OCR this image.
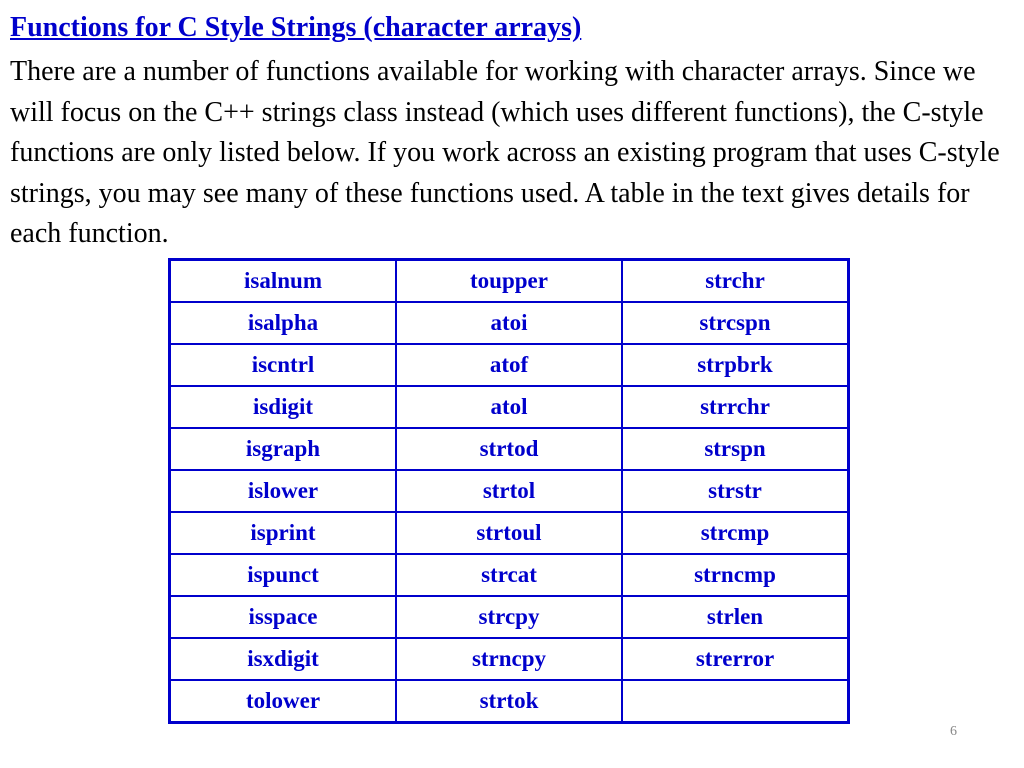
Functions for C Style Strings (character arrays)
There are a number of functions available for working with character arrays. Since we will focus on the C++ strings class instead (which uses different functions), the C-style functions are only listed below. If you work across an existing program that uses C-style strings, you may see many of these functions used. A table in the text gives details for each function.
isalnum	toupper	strchr
isalpha	atoi	strcspn
iscntrl	atof	strpbrk
isdigit	atol	strrchr
isgraph	strtod	strspn
islower	strtol	strstr
isprint	strtoul	strcmp
ispunct	strcat	strncmp
isspace	strcpy	strlen
isxdigit	strncpy	strerror
tolower	strtok	
6
